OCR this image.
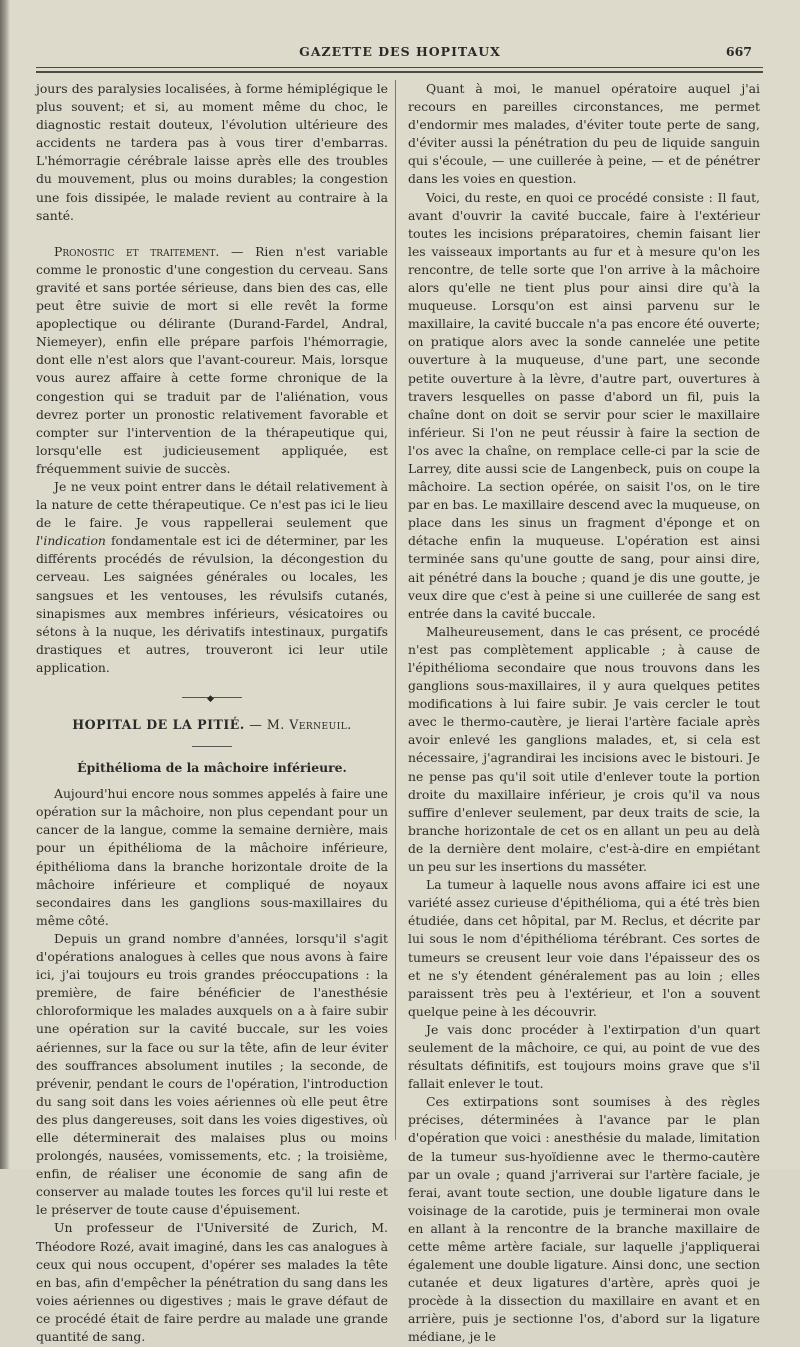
GAZETTE DES HOPITAUX	667

jours des paralysies localisées, à forme hémiplégique le plus souvent; et si, au moment même du choc, le diagnostic restait douteux, l'évolution ultérieure des accidents ne tardera pas à vous tirer d'embarras. L'hémorragie cérébrale laisse après elle des troubles du mouvement, plus ou moins durables; la congestion une fois dissipée, le malade revient au contraire à la santé.

Pronostic et traitement. — Rien n'est variable comme le pronostic d'une congestion du cerveau. Sans gravité et sans portée sérieuse, dans bien des cas, elle peut être suivie de mort si elle revêt la forme apoplectique ou délirante (Durand-Fardel, Andral, Niemeyer), enfin elle prépare parfois l'hémorragie, dont elle n'est alors que l'avant-coureur. Mais, lorsque vous aurez affaire à cette forme chronique de la congestion qui se traduit par de l'aliénation, vous devrez porter un pronostic relativement favorable et compter sur l'intervention de la thérapeutique qui, lorsqu'elle est judicieusement appliquée, est fréquemment suivie de succès.

Je ne veux point entrer dans le détail relativement à la nature de cette thérapeutique. Ce n'est pas ici le lieu de le faire. Je vous rappellerai seulement que l'indication fondamentale est ici de déterminer, par les différents procédés de révulsion, la décongestion du cerveau. Les saignées générales ou locales, les sangsues et les ventouses, les révulsifs cutanés, sinapismes aux membres inférieurs, vésicatoires ou sétons à la nuque, les dérivatifs intestinaux, purgatifs drastiques et autres, trouveront ici leur utile application.

◆
HOPITAL DE LA PITIÉ. — M. Verneuil.
Épithélioma de la mâchoire inférieure.

Aujourd'hui encore nous sommes appelés à faire une opération sur la mâchoire, non plus cependant pour un cancer de la langue, comme la semaine dernière, mais pour un épithélioma de la mâchoire inférieure, épithélioma dans la branche horizontale droite de la mâchoire inférieure et compliqué de noyaux secondaires dans les ganglions sous-maxillaires du même côté.

Depuis un grand nombre d'années, lorsqu'il s'agit d'opérations analogues à celles que nous avons à faire ici, j'ai toujours eu trois grandes préoccupations : la première, de faire bénéficier de l'anesthésie chloroformique les malades auxquels on a à faire subir une opération sur la cavité buccale, sur les voies aériennes, sur la face ou sur la tête, afin de leur éviter des souffrances absolument inutiles ; la seconde, de prévenir, pendant le cours de l'opération, l'introduction du sang soit dans les voies aériennes où elle peut être des plus dangereuses, soit dans les voies digestives, où elle déterminerait des malaises plus ou moins prolongés, nausées, vomissements, etc. ; la troisième, enfin, de réaliser une économie de sang afin de conserver au malade toutes les forces qu'il lui reste et le préserver de toute cause d'épuisement.

Un professeur de l'Université de Zurich, M. Théodore Rozé, avait imaginé, dans les cas analogues à ceux qui nous occupent, d'opérer ses malades la tête en bas, afin d'empêcher la pénétration du sang dans les voies aériennes ou digestives ; mais le grave défaut de ce procédé était de faire perdre au malade une grande quantité de sang.

Quant à moi, le manuel opératoire auquel j'ai recours en pareilles circonstances, me permet d'endormir mes malades, d'éviter toute perte de sang, d'éviter aussi la pénétration du peu de liquide sanguin qui s'écoule, — une cuillerée à peine, — et de pénétrer dans les voies en question.

Voici, du reste, en quoi ce procédé consiste : Il faut, avant d'ouvrir la cavité buccale, faire à l'extérieur toutes les incisions préparatoires, chemin faisant lier les vaisseaux importants au fur et à mesure qu'on les rencontre, de telle sorte que l'on arrive à la mâchoire alors qu'elle ne tient plus pour ainsi dire qu'à la muqueuse. Lorsqu'on est ainsi parvenu sur le maxillaire, la cavité buccale n'a pas encore été ouverte; on pratique alors avec la sonde cannelée une petite ouverture à la muqueuse, d'une part, une seconde petite ouverture à la lèvre, d'autre part, ouvertures à travers lesquelles on passe d'abord un fil, puis la chaîne dont on doit se servir pour scier le maxillaire inférieur. Si l'on ne peut réussir à faire la section de l'os avec la chaîne, on remplace celle-ci par la scie de Larrey, dite aussi scie de Langenbeck, puis on coupe la mâchoire. La section opérée, on saisit l'os, on le tire par en bas. Le maxillaire descend avec la muqueuse, on place dans les sinus un fragment d'éponge et on détache enfin la muqueuse. L'opération est ainsi terminée sans qu'une goutte de sang, pour ainsi dire, ait pénétré dans la bouche ; quand je dis une goutte, je veux dire que c'est à peine si une cuillerée de sang est entrée dans la cavité buccale.

Malheureusement, dans le cas présent, ce procédé n'est pas complètement applicable ; à cause de l'épithélioma secondaire que nous trouvons dans les ganglions sous-maxillaires, il y aura quelques petites modifications à lui faire subir. Je vais cercler le tout avec le thermo-cautère, je lierai l'artère faciale après avoir enlevé les ganglions malades, et, si cela est nécessaire, j'agrandirai les incisions avec le bistouri. Je ne pense pas qu'il soit utile d'enlever toute la portion droite du maxillaire inférieur, je crois qu'il va nous suffire d'enlever seulement, par deux traits de scie, la branche horizontale de cet os en allant un peu au delà de la dernière dent molaire, c'est-à-dire en empiétant un peu sur les insertions du masséter.

La tumeur à laquelle nous avons affaire ici est une variété assez curieuse d'épithélioma, qui a été très bien étudiée, dans cet hôpital, par M. Reclus, et décrite par lui sous le nom d'épithélioma térébrant. Ces sortes de tumeurs se creusent leur voie dans l'épaisseur des os et ne s'y étendent généralement pas au loin ; elles paraissent très peu à l'extérieur, et l'on a souvent quelque peine à les découvrir.

Je vais donc procéder à l'extirpation d'un quart seulement de la mâchoire, ce qui, au point de vue des résultats définitifs, est toujours moins grave que s'il fallait enlever le tout.

Ces extirpations sont soumises à des règles précises, déterminées à l'avance par le plan d'opération que voici : anesthésie du malade, limitation de la tumeur sus-hyoïdienne avec le thermo-cautère par un ovale ; quand j'arriverai sur l'artère faciale, je ferai, avant toute section, une double ligature dans le voisinage de la carotide, puis je terminerai mon ovale en allant à la rencontre de la branche maxillaire de cette même artère faciale, sur laquelle j'appliquerai également une double ligature. Ainsi donc, une section cutanée et deux ligatures d'artère, après quoi je procède à la dissection du maxillaire en avant et en arrière, puis je sectionne l'os, d'abord sur la ligature médiane, je le
